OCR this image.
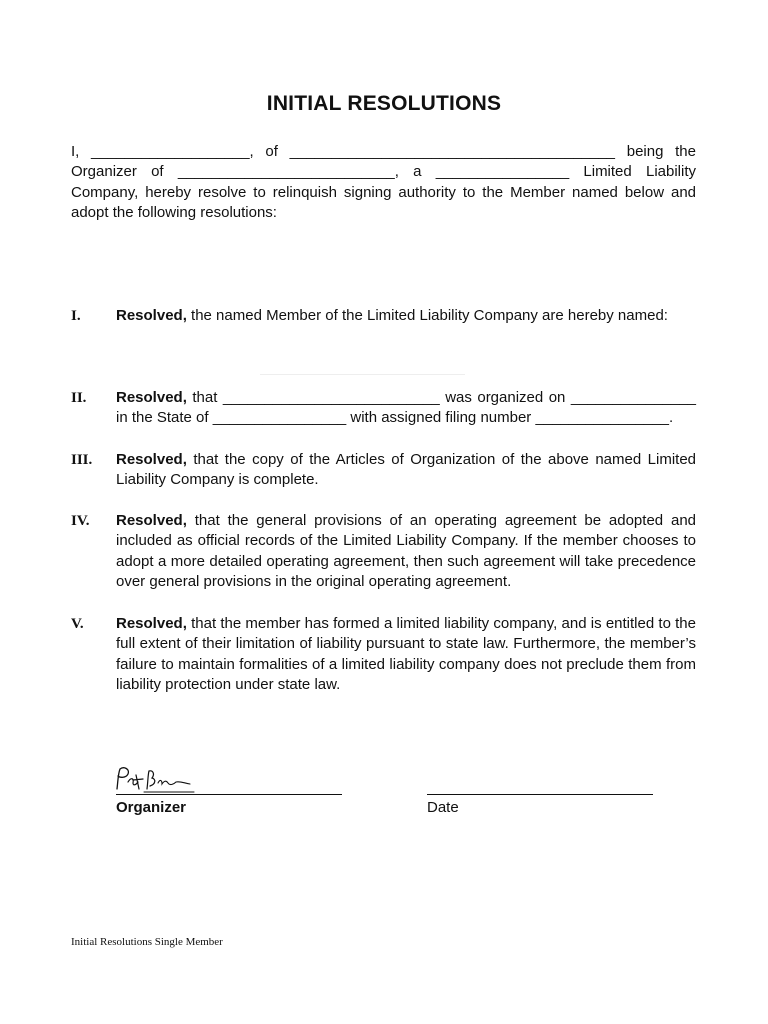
INITIAL RESOLUTIONS
I, ___________________, of _______________________________________ being the Organizer of __________________________, a ________________ Limited Liability Company, hereby resolve to relinquish signing authority to the Member named below and adopt the following resolutions:
I. Resolved, the named Member of the Limited Liability Company are hereby named:
II. Resolved, that __________________________ was organized on _______________ in the State of ________________ with assigned filing number ________________.
III. Resolved, that the copy of the Articles of Organization of the above named Limited Liability Company is complete.
IV. Resolved, that the general provisions of an operating agreement be adopted and included as official records of the Limited Liability Company. If the member chooses to adopt a more detailed operating agreement, then such agreement will take precedence over general provisions in the original operating agreement.
V. Resolved, that the member has formed a limited liability company, and is entitled to the full extent of their limitation of liability pursuant to state law. Furthermore, the member’s failure to maintain formalities of a limited liability company does not preclude them from liability protection under state law.
Organizer	Date
Initial Resolutions Single Member
